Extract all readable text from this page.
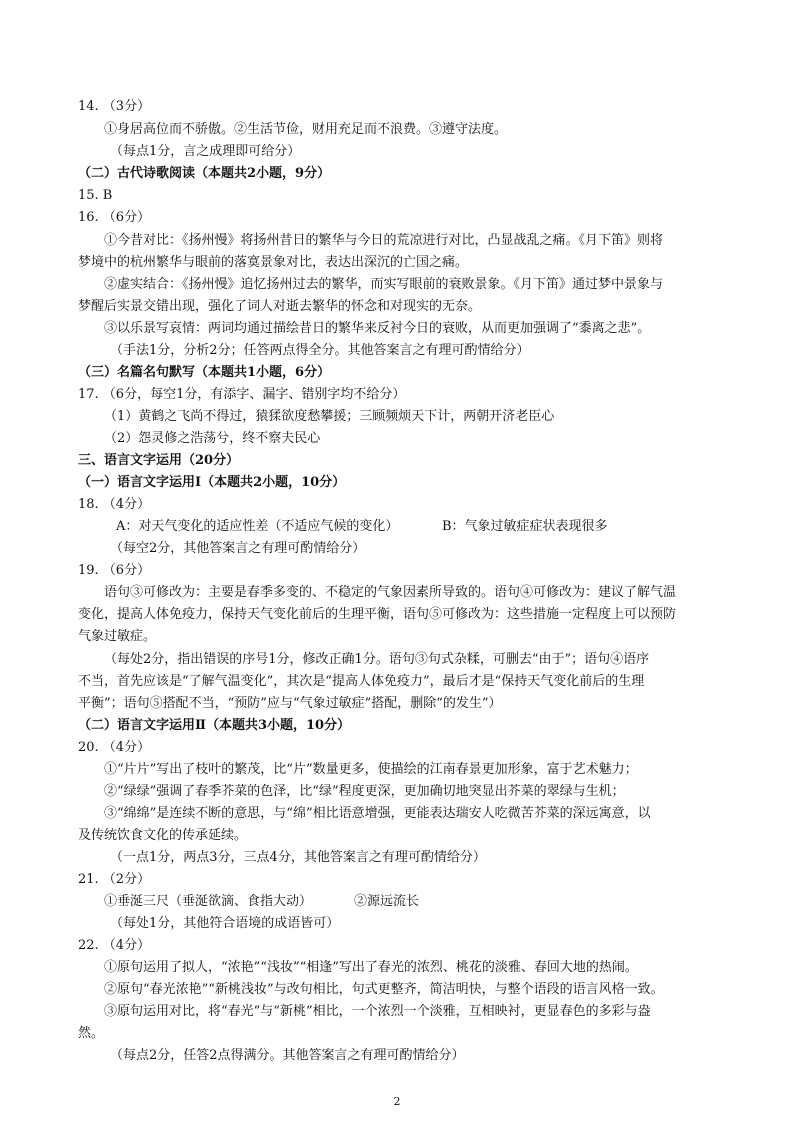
14. （3分）

①身居高位而不骄傲。②生活节俭，财用充足而不浪费。③遵守法度。

（每点1分，言之成理即可给分）

（二）古代诗歌阅读（本题共2小题，9分）

15. B

16. （6分）

①今昔对比：《扬州慢》将扬州昔日的繁华与今日的荒凉进行对比，凸显战乱之痛。《月下笛》则将

梦境中的杭州繁华与眼前的落寞景象对比，表达出深沉的亡国之痛。

②虚实结合：《扬州慢》追忆扬州过去的繁华，而实写眼前的衰败景象。《月下笛》通过梦中景象与

梦醒后实景交错出现，强化了词人对逝去繁华的怀念和对现实的无奈。

③以乐景写哀情：两词均通过描绘昔日的繁华来反衬今日的衰败，从而更加强调了“黍离之悲”。

（手法1分，分析2分；任答两点得全分。其他答案言之有理可酌情给分）

（三）名篇名句默写（本题共1小题，6分）

17. （6分，每空1分，有添字、漏字、错别字均不给分）

（1）黄鹤之飞尚不得过，猿猱欲度愁攀援；三顾频烦天下计，两朝开济老臣心

（2）怨灵修之浩荡兮，终不察夫民心

三、语言文字运用（20分）

（一）语言文字运用Ⅰ（本题共2小题，10分）

18. （4分）

A：对天气变化的适应性差（不适应气候的变化）	B：气象过敏症症状表现很多

（每空2分，其他答案言之有理可酌情给分）

19. （6分）

语句③可修改为：主要是春季多变的、不稳定的气象因素所导致的。语句④可修改为：建议了解气温

变化，提高人体免疫力，保持天气变化前后的生理平衡，语句⑤可修改为：这些措施一定程度上可以预防

气象过敏症。

（每处2分，指出错误的序号1分，修改正确1分。语句③句式杂糅，可删去“由于”；语句④语序

不当，首先应该是“了解气温变化”，其次是“提高人体免疫力”，最后才是“保持天气变化前后的生理

平衡”；语句⑤搭配不当，“预防”应与“气象过敏症”搭配，删除“的发生”）

（二）语言文字运用Ⅱ（本题共3小题，10分）

20. （4分）

①“片片”写出了枝叶的繁茂，比“片”数量更多，使描绘的江南春景更加形象，富于艺术魅力；

②“绿绿”强调了春季芥菜的色泽，比“绿”程度更深，更加确切地突显出芥菜的翠绿与生机；

③“绵绵”是连续不断的意思，与“绵”相比语意增强，更能表达瑞安人吃微苦芥菜的深远寓意，以

及传统饮食文化的传承延续。

（一点1分，两点3分，三点4分，其他答案言之有理可酌情给分）

21. （2分）

①垂涎三尺（垂涎欲滴、食指大动）	②源远流长

（每处1分，其他符合语境的成语皆可）

22. （4分）

①原句运用了拟人，“浓艳”“浅妆”“相逢”写出了春光的浓烈、桃花的淡雅、春回大地的热闹。

②原句“春光浓艳”“新桃浅妆”与改句相比，句式更整齐，简洁明快，与整个语段的语言风格一致。

③原句运用对比，将“春光”与“新桃”相比，一个浓烈一个淡雅，互相映衬，更显春色的多彩与盎

然。

（每点2分，任答2点得满分。其他答案言之有理可酌情给分）

2
